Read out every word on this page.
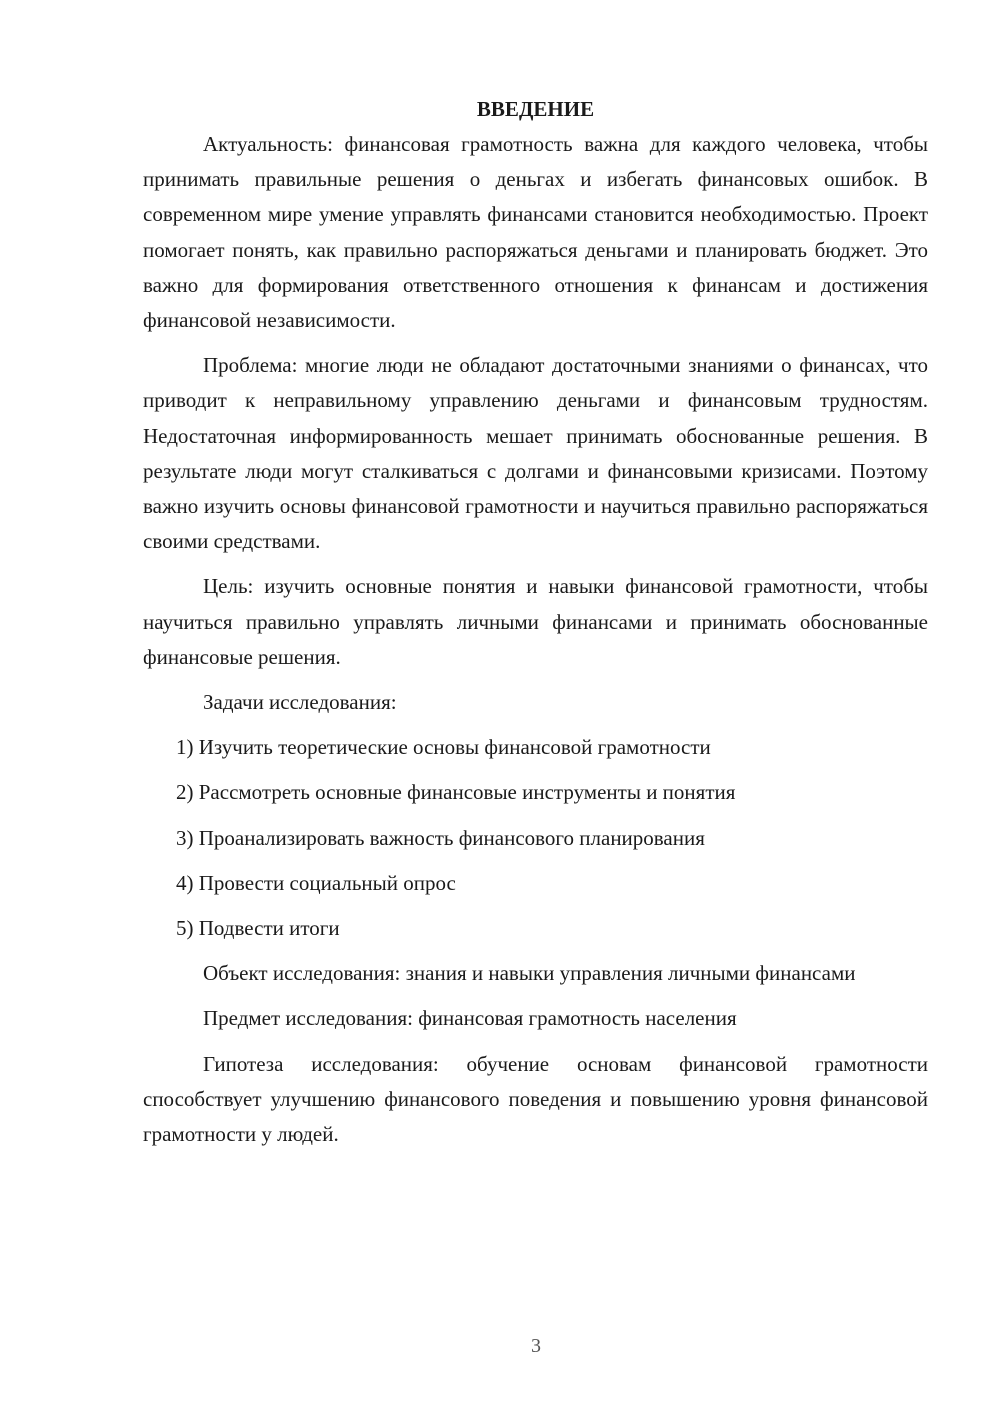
ВВЕДЕНИЕ

Актуальность: финансовая грамотность важна для каждого человека, чтобы принимать правильные решения о деньгах и избегать финансовых ошибок. В современном мире умение управлять финансами становится необходимостью. Проект помогает понять, как правильно распоряжаться деньгами и планировать бюджет. Это важно для формирования ответственного отношения к финансам и достижения финансовой независимости.

Проблема: многие люди не обладают достаточными знаниями о финансах, что приводит к неправильному управлению деньгами и финансовым трудностям. Недостаточная информированность мешает принимать обоснованные решения. В результате люди могут сталкиваться с долгами и финансовыми кризисами. Поэтому важно изучить основы финансовой грамотности и научиться правильно распоряжаться своими средствами.

Цель: изучить основные понятия и навыки финансовой грамотности, чтобы научиться правильно управлять личными финансами и принимать обоснованные финансовые решения.

Задачи исследования:

1) Изучить теоретические основы финансовой грамотности
2) Рассмотреть основные финансовые инструменты и понятия
3) Проанализировать важность финансового планирования
4) Провести социальный опрос
5) Подвести итоги

Объект исследования: знания и навыки управления личными финансами

Предмет исследования: финансовая грамотность населения

Гипотеза исследования: обучение основам финансовой грамотности способствует улучшению финансового поведения и повышению уровня финансовой грамотности у людей.

3
